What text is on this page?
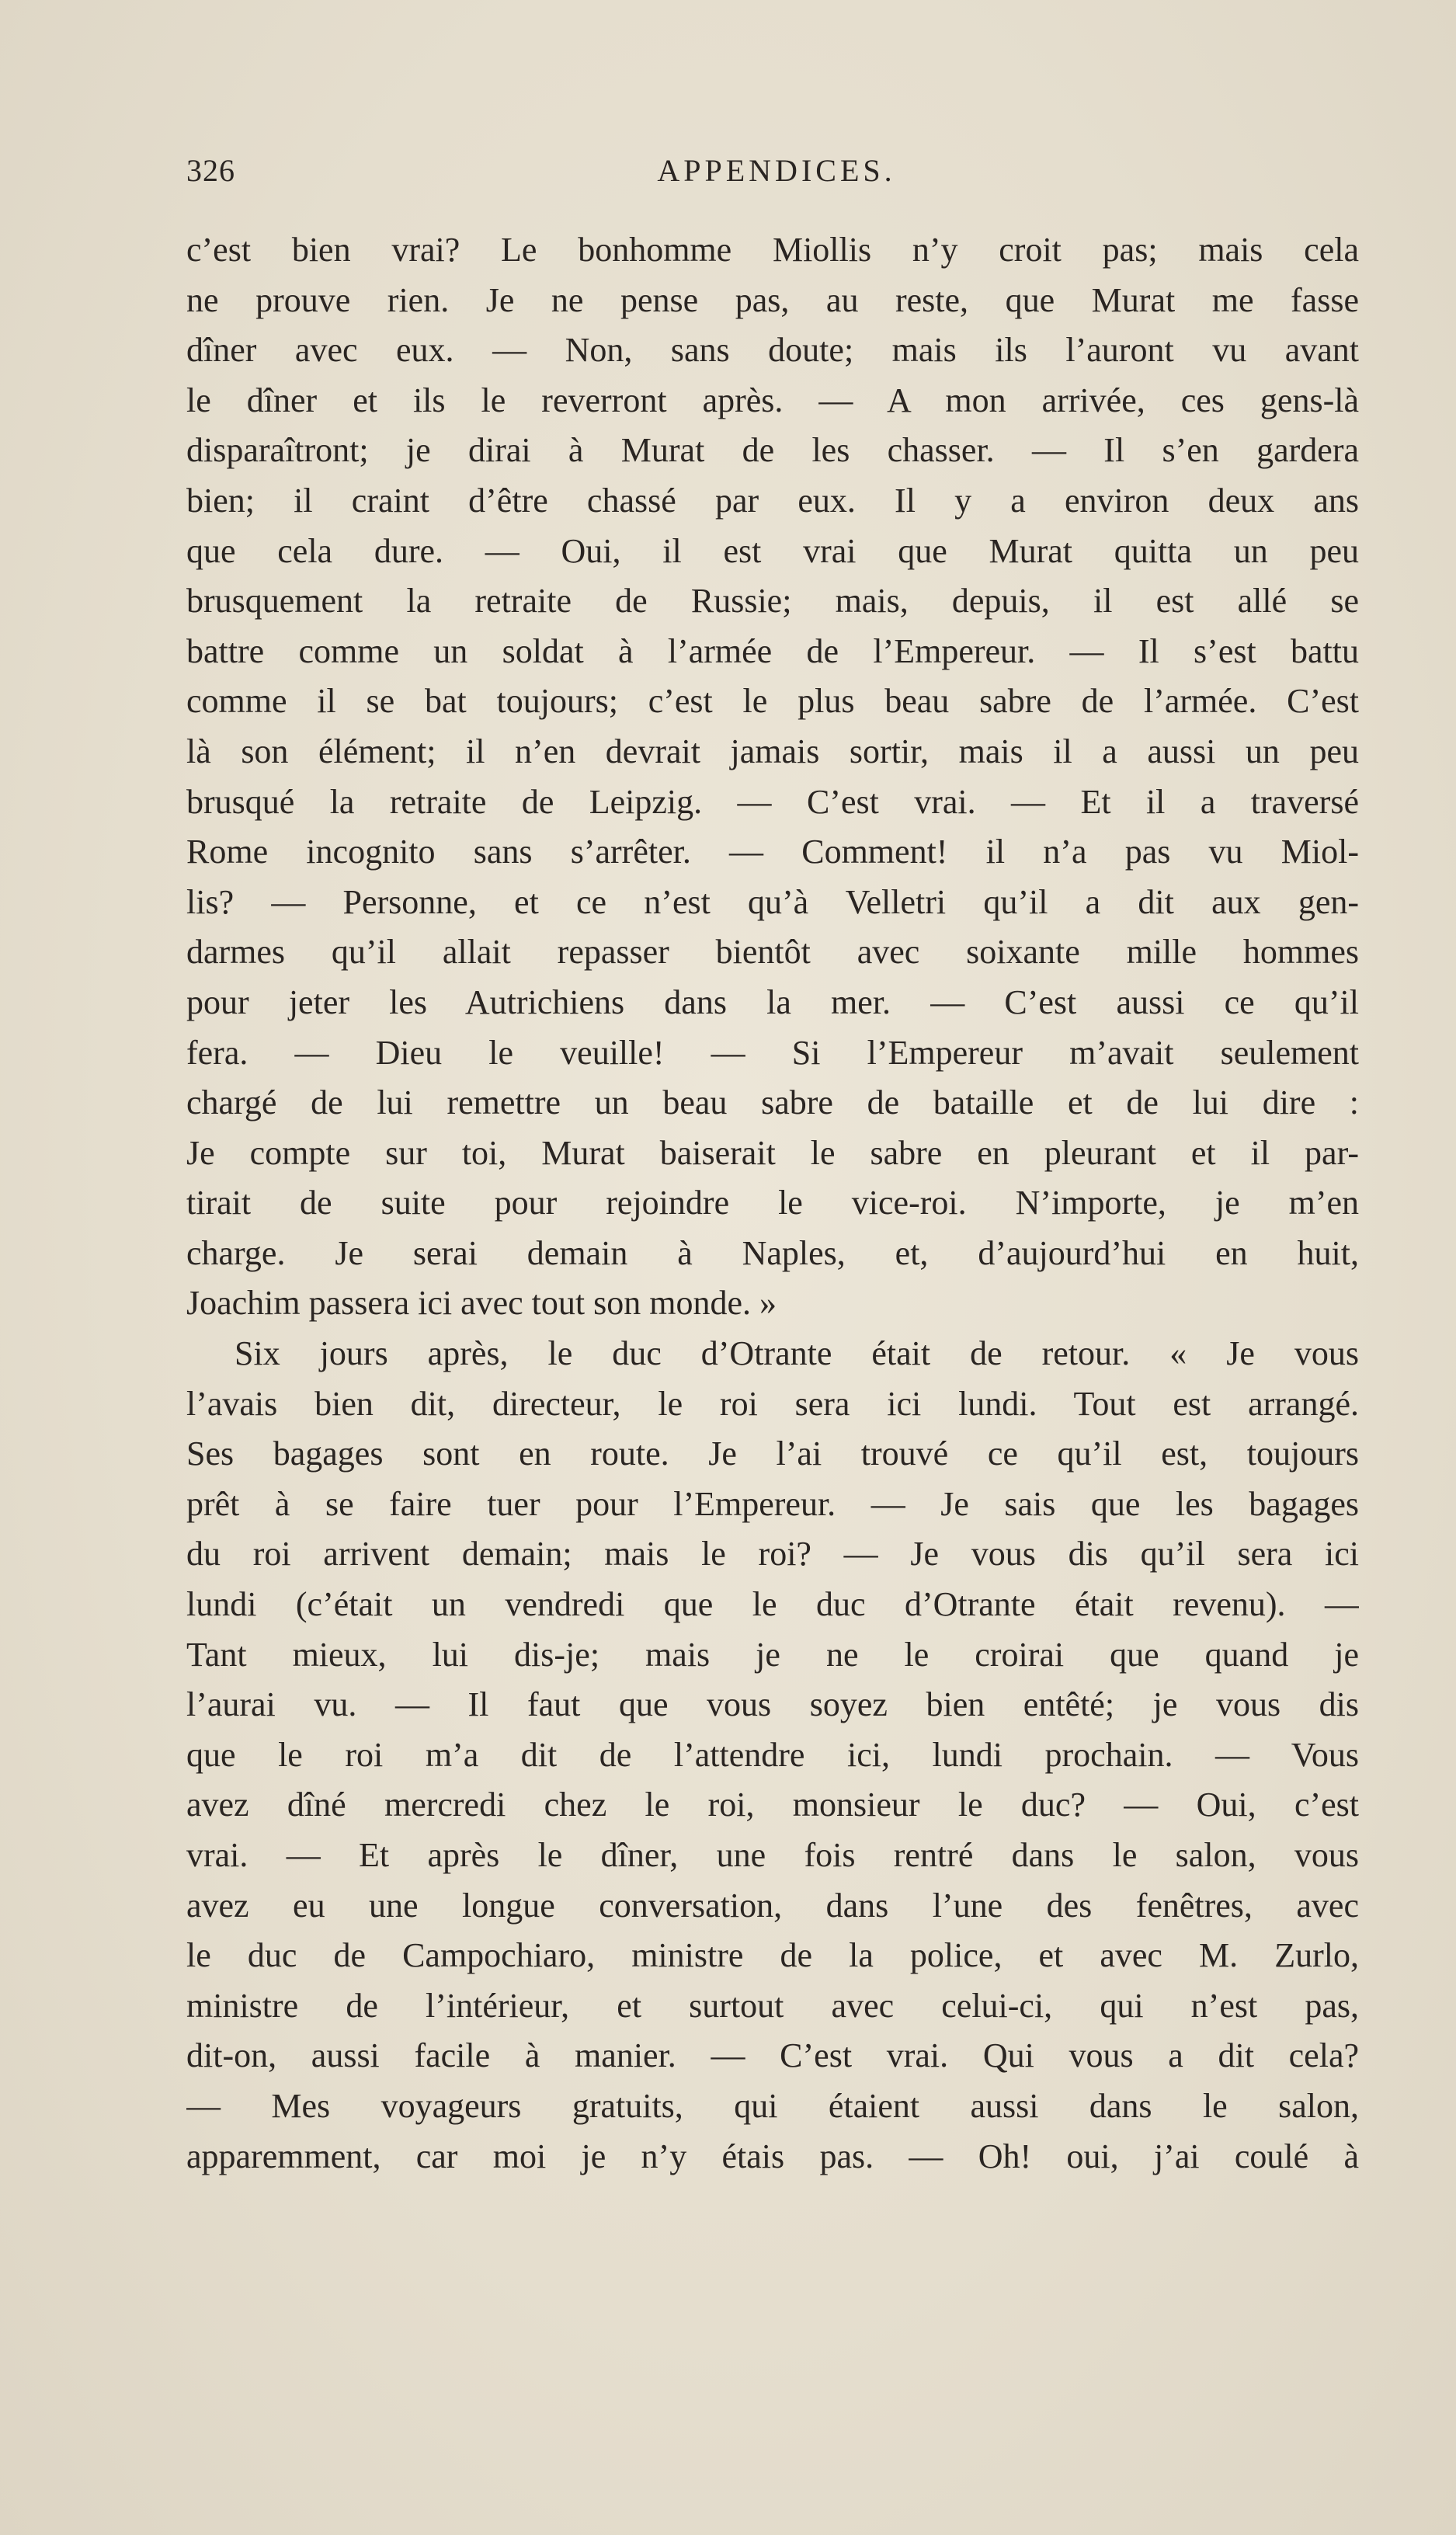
326	APPENDICES.
c’est bien vrai? Le bonhomme Miollis n’y croit pas; mais cela
ne prouve rien. Je ne pense pas, au reste, que Murat me fasse
dîner avec eux. — Non, sans doute; mais ils l’auront vu avant
le dîner et ils le reverront après. — A mon arrivée, ces gens-là
disparaîtront; je dirai à Murat de les chasser. — Il s’en gardera
bien; il craint d’être chassé par eux. Il y a environ deux ans
que cela dure. — Oui, il est vrai que Murat quitta un peu
brusquement la retraite de Russie; mais, depuis, il est allé se
battre comme un soldat à l’armée de l’Empereur. — Il s’est battu
comme il se bat toujours; c’est le plus beau sabre de l’armée. C’est
là son élément; il n’en devrait jamais sortir, mais il a aussi un peu
brusqué la retraite de Leipzig. — C’est vrai. — Et il a traversé
Rome incognito sans s’arrêter. — Comment! il n’a pas vu Miol-
lis? — Personne, et ce n’est qu’à Velletri qu’il a dit aux gen-
darmes qu’il allait repasser bientôt avec soixante mille hommes
pour jeter les Autrichiens dans la mer. — C’est aussi ce qu’il
fera. — Dieu le veuille! — Si l’Empereur m’avait seulement
chargé de lui remettre un beau sabre de bataille et de lui dire :
Je compte sur toi, Murat baiserait le sabre en pleurant et il par-
tirait de suite pour rejoindre le vice-roi. N’importe, je m’en
charge. Je serai demain à Naples, et, d’aujourd’hui en huit,
Joachim passera ici avec tout son monde. »
Six jours après, le duc d’Otrante était de retour. « Je vous
l’avais bien dit, directeur, le roi sera ici lundi. Tout est arrangé.
Ses bagages sont en route. Je l’ai trouvé ce qu’il est, toujours
prêt à se faire tuer pour l’Empereur. — Je sais que les bagages
du roi arrivent demain; mais le roi? — Je vous dis qu’il sera ici
lundi (c’était un vendredi que le duc d’Otrante était revenu). —
Tant mieux, lui dis-je; mais je ne le croirai que quand je
l’aurai vu. — Il faut que vous soyez bien entêté; je vous dis
que le roi m’a dit de l’attendre ici, lundi prochain. — Vous
avez dîné mercredi chez le roi, monsieur le duc? — Oui, c’est
vrai. — Et après le dîner, une fois rentré dans le salon, vous
avez eu une longue conversation, dans l’une des fenêtres, avec
le duc de Campochiaro, ministre de la police, et avec M. Zurlo,
ministre de l’intérieur, et surtout avec celui-ci, qui n’est pas,
dit-on, aussi facile à manier. — C’est vrai. Qui vous a dit cela?
— Mes voyageurs gratuits, qui étaient aussi dans le salon,
apparemment, car moi je n’y étais pas. — Oh! oui, j’ai coulé à
